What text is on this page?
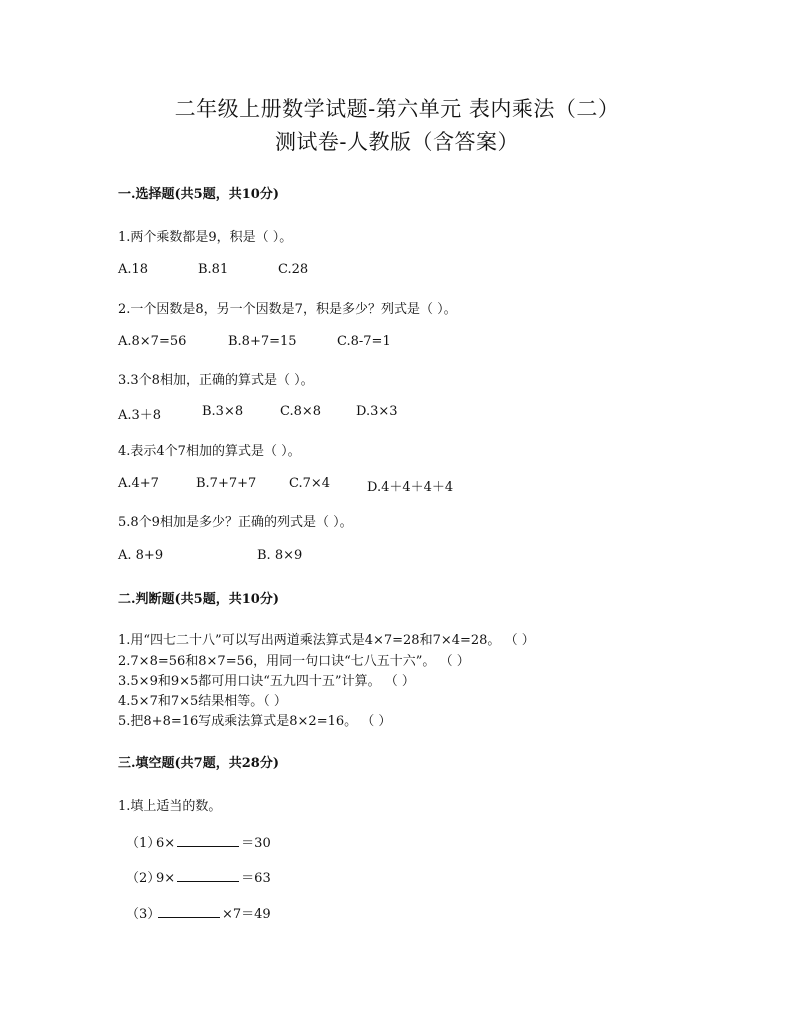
二年级上册数学试题-第六单元 表内乘法（二）
测试卷-人教版（含答案）
一.选择题(共5题，共10分)
1.两个乘数都是9，积是（ ）。
A.18	B.81	C.28
2.一个因数是8，另一个因数是7，积是多少？列式是（ ）。
A.8×7=56	B.8+7=15	C.8-7=1
3.3个8相加，正确的算式是（ ）。
A.3＋8	B.3×8	C.8×8	D.3×3
4.表示4个7相加的算式是（ ）。
A.4+7	B.7+7+7	C.7×4	D.4＋4＋4＋4
5.8个9相加是多少？正确的列式是（ ）。
A. 8+9	B. 8×9
二.判断题(共5题，共10分)
1.用“四七二十八”可以写出两道乘法算式是4×7=28和7×4=28。 （ ）
2.7×8=56和8×7=56，用同一句口诀“七八五十六”。 （ ）
3.5×9和9×5都可用口诀“五九四十五”计算。 （ ）
4.5×7和7×5结果相等。（ ）
5.把8+8=16写成乘法算式是8×2=16。 （ ）
三.填空题(共7题，共28分)
1.填上适当的数。
（1）
6×	＝30
（2）
9×	＝63
（3）	×7＝49
